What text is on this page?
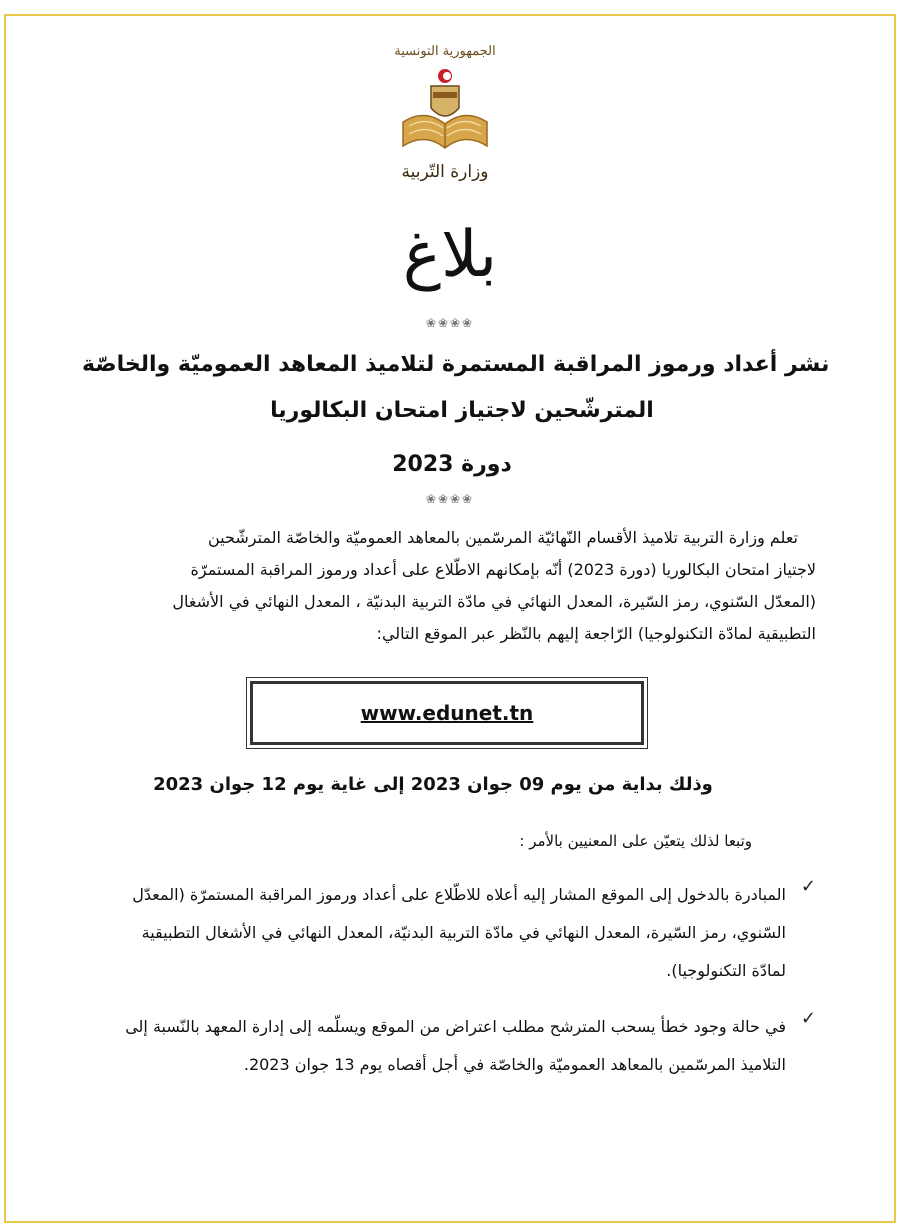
الجمهورية التونسية
وزارة التّربية
بلاغ
❀❀❀❀
نشر أعداد ورموز المراقبة المستمرة لتلاميذ المعاهد العموميّة والخاصّة
المترشّحين لاجتياز امتحان البكالوريا
دورة 2023
❀❀❀❀
تعلم وزارة التربية تلاميذ الأقسام النّهائيّة المرسّمين بالمعاهد العموميّة والخاصّة المترشّحين
لاجتياز امتحان البكالوريا (دورة 2023) أنّه بإمكانهم الاطّلاع على أعداد ورموز المراقبة المستمرّة
(المعدّل السّنوي، رمز السّيرة، المعدل النهائي في مادّة التربية البدنيّة ، المعدل النهائي في الأشغال
التطبيقية لمادّة التكنولوجيا) الرّاجعة إليهم بالنّظر عبر الموقع التالي:
www.edunet.tn
وذلك بداية من يوم 09 جوان 2023 إلى غاية يوم 12 جوان 2023
وتبعا لذلك يتعيّن على المعنيين بالأمر :
✓
المبادرة بالدخول إلى الموقع المشار إليه أعلاه للاطّلاع على أعداد ورموز المراقبة المستمرّة (المعدّل
السّنوي، رمز السّيرة، المعدل النهائي في مادّة التربية البدنيّة، المعدل النهائي في الأشغال التطبيقية
لمادّة التكنولوجيا).
✓
في حالة وجود خطأ يسحب المترشح مطلب اعتراض من الموقع ويسلّمه إلى إدارة المعهد بالنّسبة إلى
التلاميذ المرسّمين بالمعاهد العموميّة والخاصّة في أجل أقصاه يوم 13 جوان 2023.
